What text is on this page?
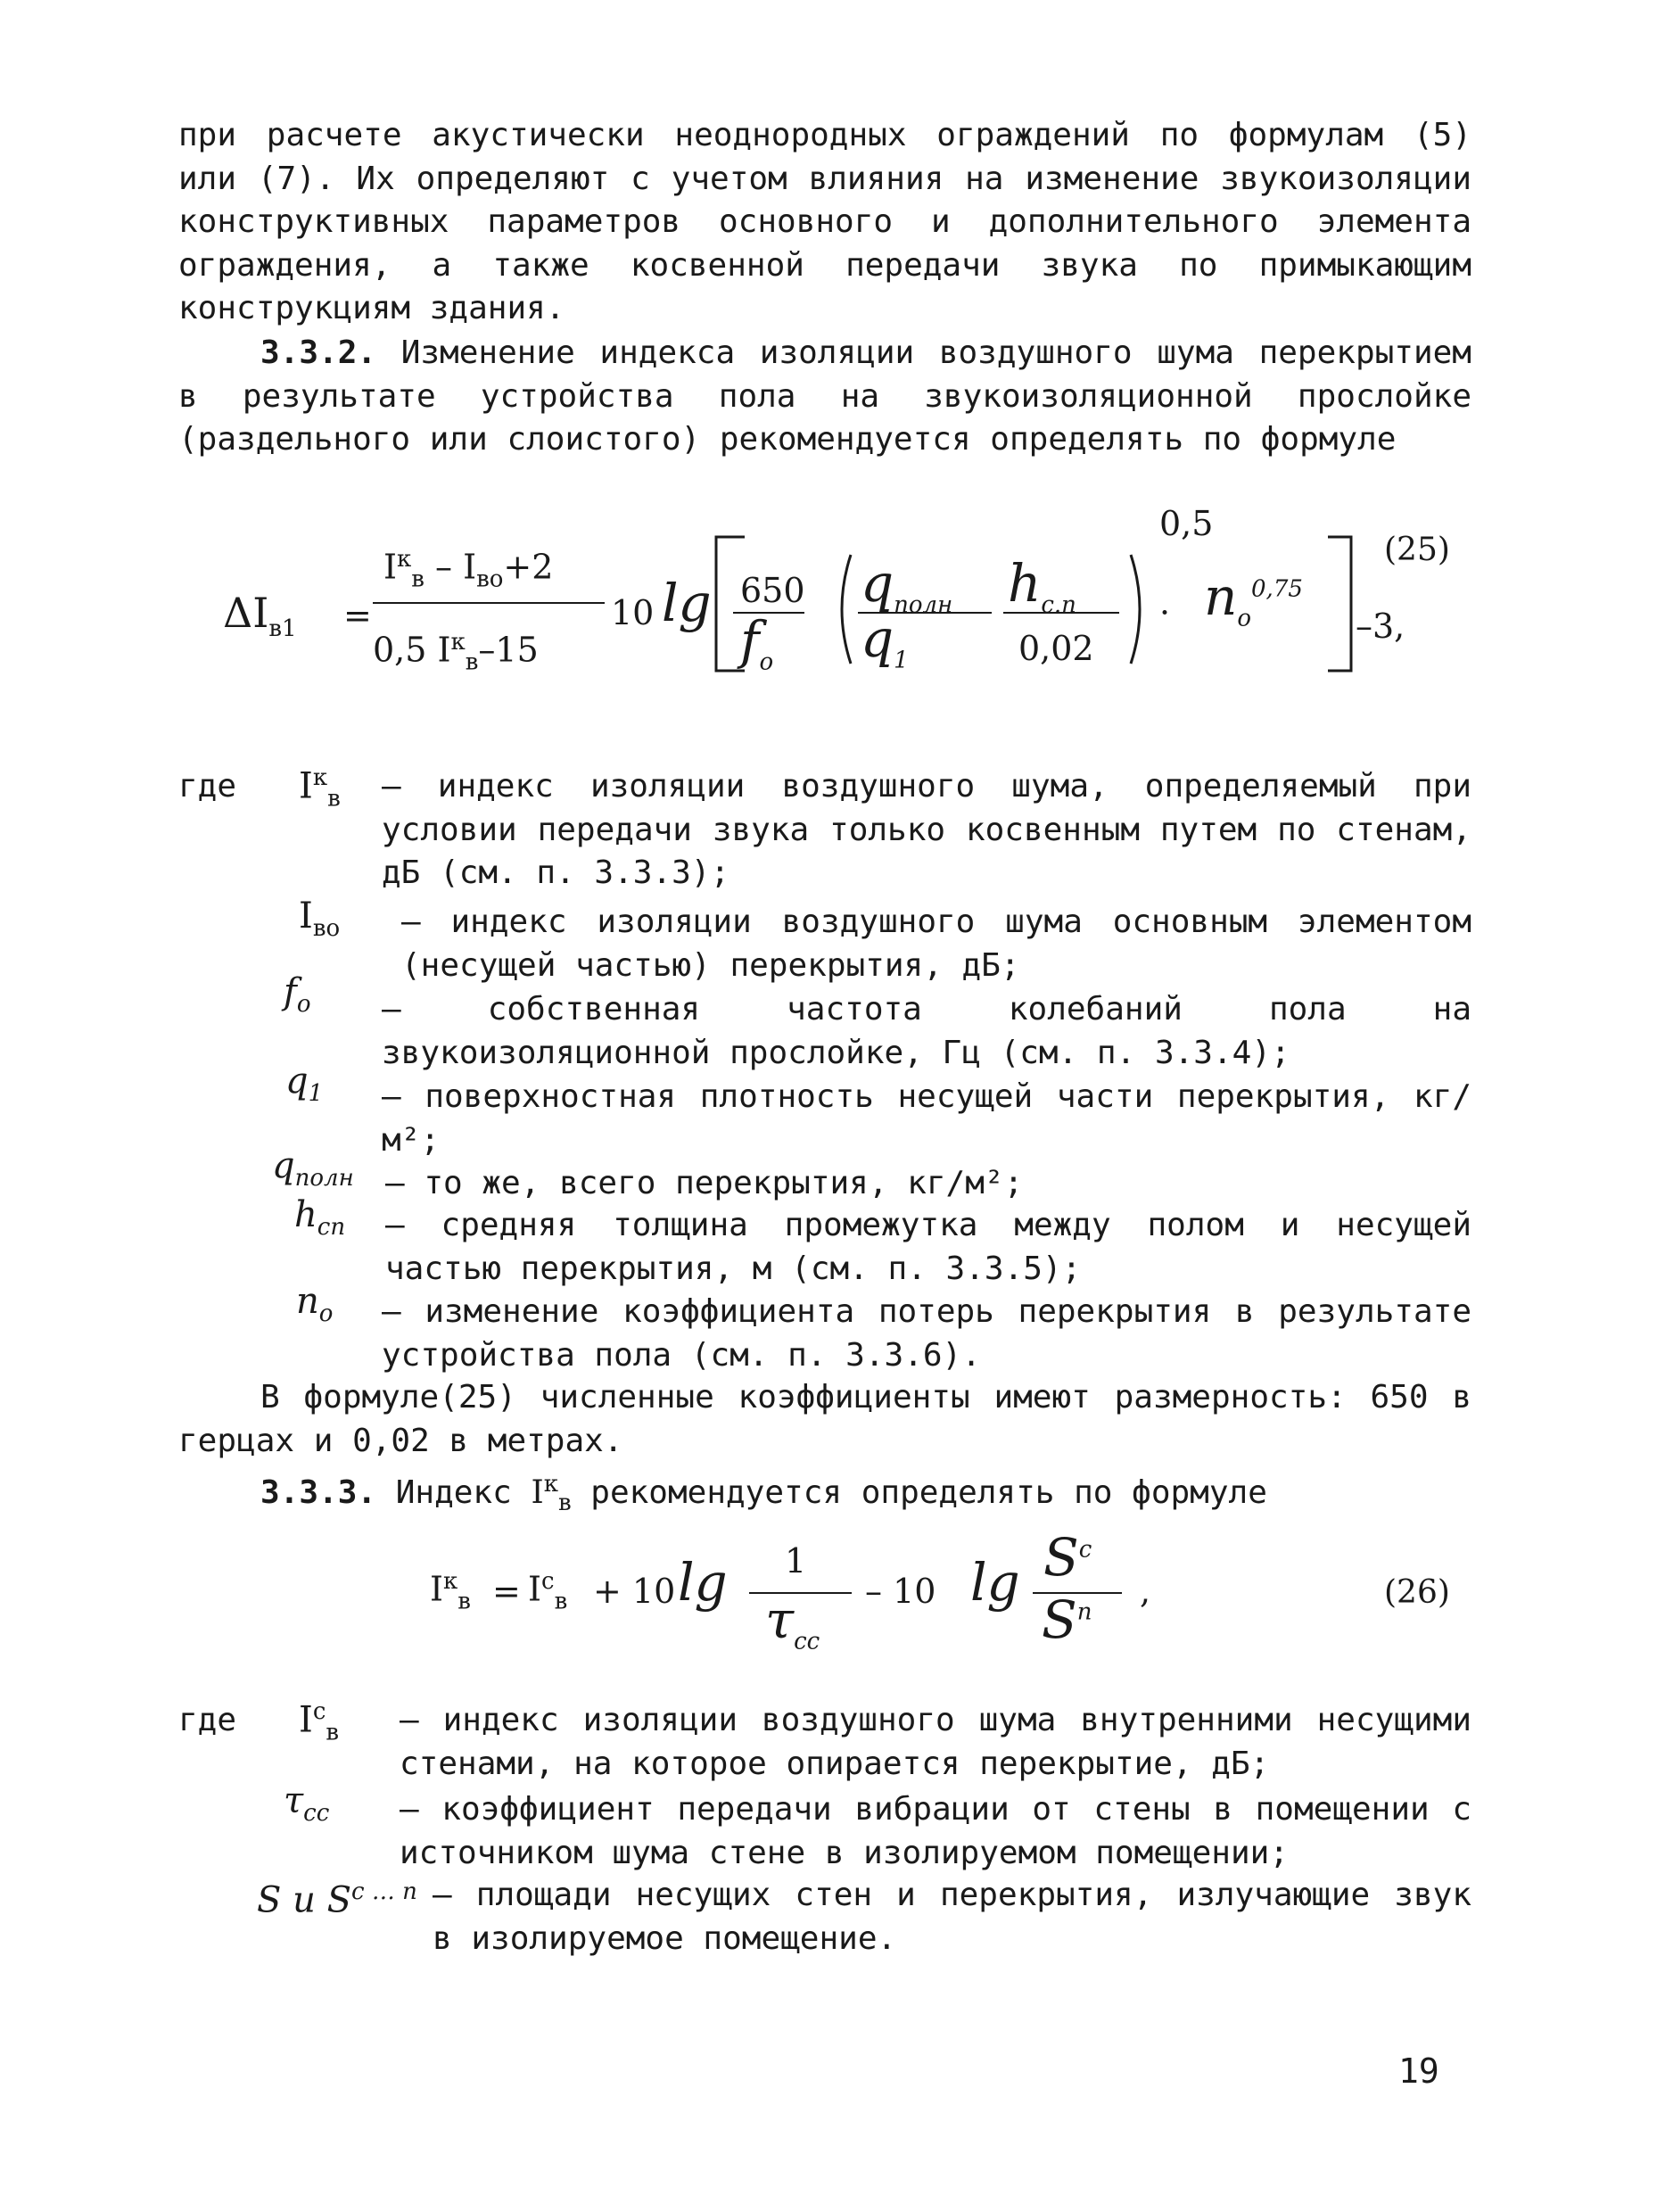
при расчете акустически неоднородных ограждений по формулам (5) или (7). Их определяют с учетом влияния на изменение звукоизоляции конструктивных параметров основного и дополнительного элемента ограждения, а также косвенной передачи звука по примыкающим конструкциям здания.
3.3.2. Изменение индекса изоляции воздушного шума перекрытием в результате устройства пола на звукоизоляционной прослойке (раздельного или слоистого) рекомендуется определять по формуле
$\Delta I_{в1}$ =
$I^к_в - I_{во}+2$
0,5 $I^к_в-15$
10 lg 650
$f_о$
$q_{полн}$
$q_1$
$h_{с.п}$
0,02
·
0,5
$n_о^{0,75}$
–3,
(25)
где $I^к_в$ – индекс изоляции воздушного шума, определяемый при условии передачи звука только косвенным путем по стенам, дБ (см. п. 3.3.3);
$I_{во}$ – индекс изоляции воздушного шума основным элементом (несущей частью) перекрытия, дБ;
$f_о$ – собственная частота колебаний пола на звукоизоляционной прослойке, Гц (см. п. 3.3.4);
$q_1$ – поверхностная плотность несущей части перекрытия, кг/м²;
$q_{полн}$ – то же, всего перекрытия, кг/м²;
$h_{сп}$ – средняя толщина промежутка между полом и несущей частью перекрытия, м (см. п. 3.3.5);
$n_о$ – изменение коэффициента потерь перекрытия в результате устройства пола (см. п. 3.3.6).
В формуле(25) численные коэффициенты имеют размерность: 650 в герцах и 0,02 в метрах.
3.3.3. Индекс $I^к_в$ рекомендуется определять по формуле
$I^к_в = I^с_в + 10$ lg 1
$\tau_{сс}$
– 10 $\lg S^с$
$S^п$
,	(26)
где $I^с_в$ – индекс изоляции воздушного шума внутренними несущими стенами, на которое опирается перекрытие, дБ;
$\tau_{сс}$ – коэффициент передачи вибрации от стены в помещении с источником шума стене в изолируемом помещении;
S и $S^{с \dots п}$ – площади несущих стен и перекрытия, излучающие звук в изолируемое помещение.
19
